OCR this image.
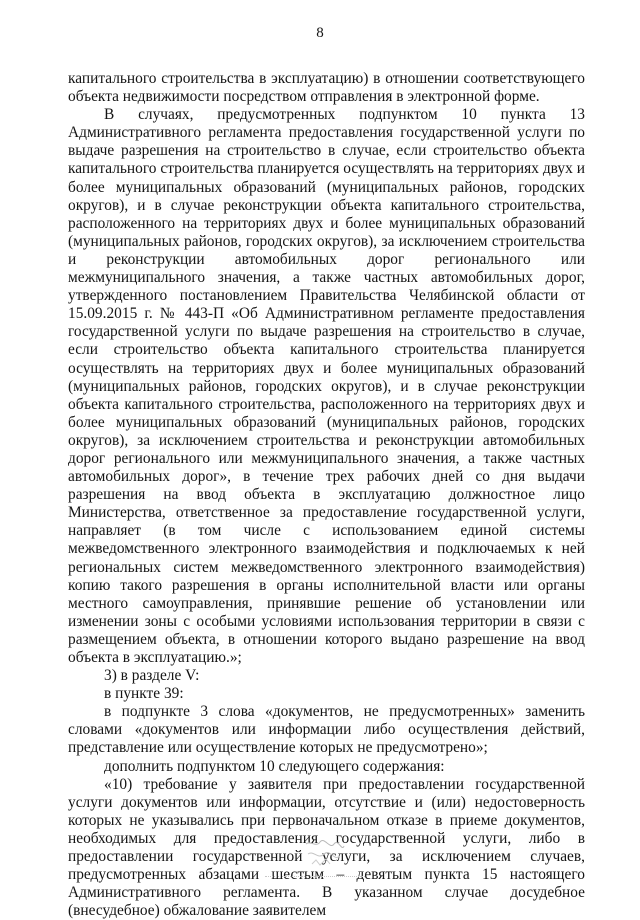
8

капитального строительства в эксплуатацию) в отношении соответствующего объекта недвижимости посредством отправления в электронной форме.

В случаях, предусмотренных подпунктом 10 пункта 13 Административного регламента предоставления государственной услуги по выдаче разрешения на строительство в случае, если строительство объекта капитального строительства планируется осуществлять на территориях двух и более муниципальных образований (муниципальных районов, городских округов), и в случае реконструкции объекта капитального строительства, расположенного на территориях двух и более муниципальных образований (муниципальных районов, городских округов), за исключением строительства и реконструкции автомобильных дорог регионального или межмуниципального значения, а также частных автомобильных дорог, утвержденного постановлением Правительства Челябинской области от 15.09.2015 г. № 443-П «Об Административном регламенте предоставления государственной услуги по выдаче разрешения на строительство в случае, если строительство объекта капитального строительства планируется осуществлять на территориях двух и более муниципальных образований (муниципальных районов, городских округов), и в случае реконструкции объекта капитального строительства, расположенного на территориях двух и более муниципальных образований (муниципальных районов, городских округов), за исключением строительства и реконструкции автомобильных дорог регионального или межмуниципального значения, а также частных автомобильных дорог», в течение трех рабочих дней со дня выдачи разрешения на ввод объекта в эксплуатацию должностное лицо Министерства, ответственное за предоставление государственной услуги, направляет (в том числе с использованием единой системы межведомственного электронного взаимодействия и подключаемых к ней региональных систем межведомственного электронного взаимодействия) копию такого разрешения в органы исполнительной власти или органы местного самоуправления, принявшие решение об установлении или изменении зоны с особыми условиями использования территории в связи с размещением объекта, в отношении которого выдано разрешение на ввод объекта в эксплуатацию.»;

3) в разделе V:

в пункте 39:

в подпункте 3 слова «документов, не предусмотренных» заменить словами «документов или информации либо осуществления действий, представление или осуществление которых не предусмотрено»;

дополнить подпунктом 10 следующего содержания:

«10) требование у заявителя при предоставлении государственной услуги документов или информации, отсутствие и (или) недостоверность которых не указывались при первоначальном отказе в приеме документов, необходимых для предоставления государственной услуги, либо в предоставлении государственной услуги, за исключением случаев, предусмотренных абзацами шестым – девятым пункта 15 настоящего Административного регламента. В указанном случае досудебное (внесудебное) обжалование заявителем
